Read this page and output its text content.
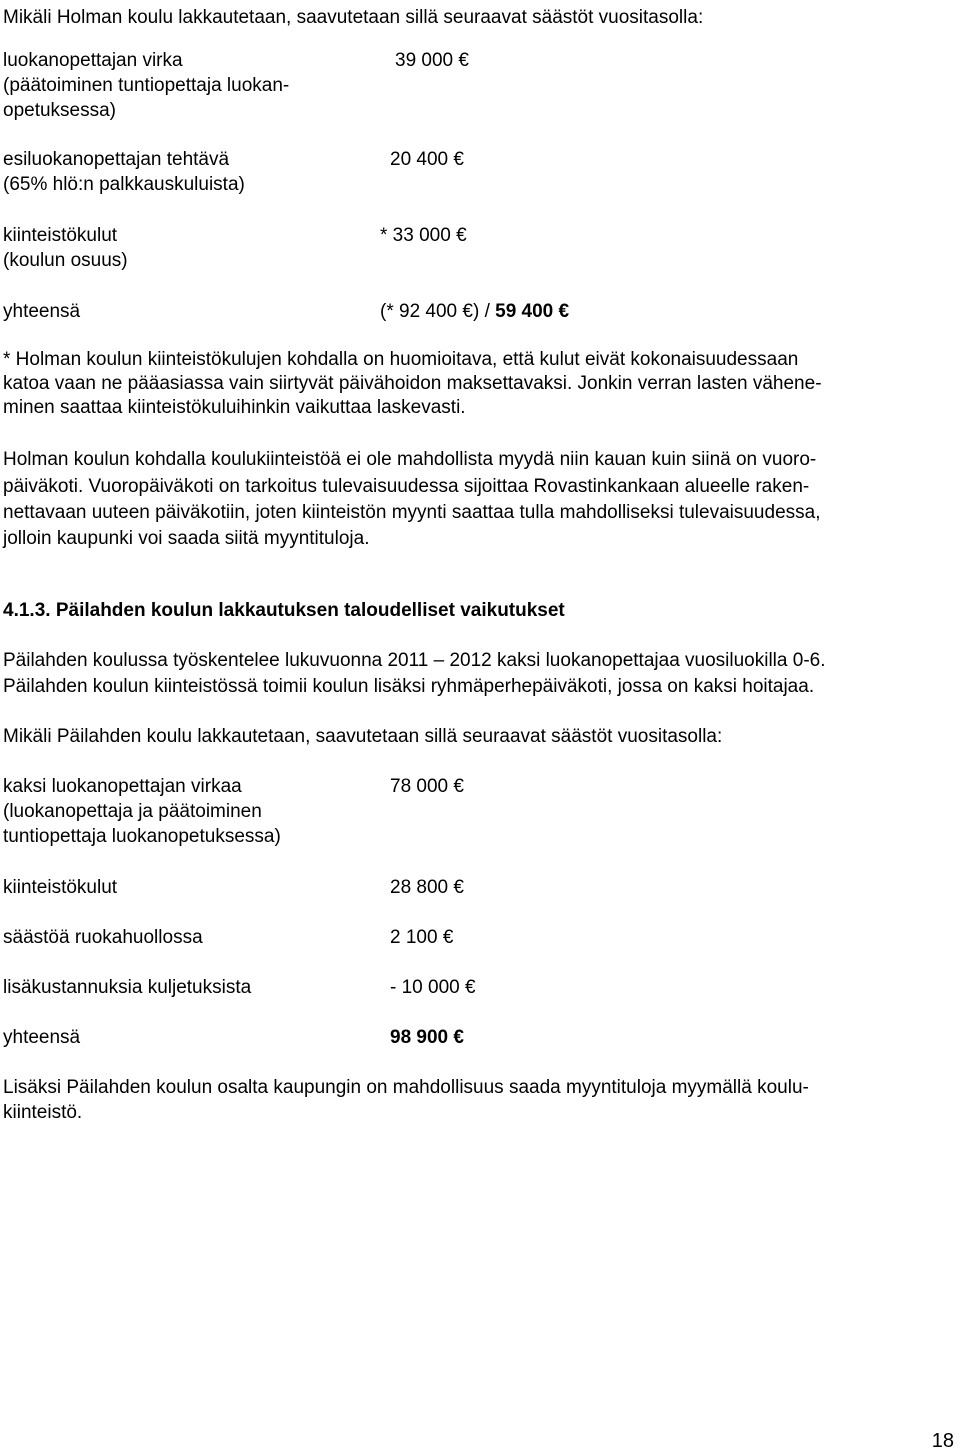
Mikäli Holman koulu lakkautetaan, saavutetaan sillä seuraavat säästöt vuositasolla:
luokanopettajan virka
(päätoiminen tuntiopettaja luokan-
opetuksessa)
39 000 €
esiluokanopettajan tehtävä
(65% hlö:n palkkauskuluista)
20 400 €
kiinteistökulut
(koulun osuus)
* 33 000 €
yhteensä	(* 92 400 €) / 59 400 €
* Holman koulun kiinteistökulujen kohdalla on huomioitava, että kulut eivät kokonaisuudessaan
katoa vaan ne pääasiassa vain siirtyvät päivähoidon maksettavaksi. Jonkin verran lasten vähene-
minen saattaa kiinteistökuluihinkin vaikuttaa laskevasti.
Holman koulun kohdalla koulukiinteistöä ei ole mahdollista myydä niin kauan kuin siinä on vuoro-
päiväkoti. Vuoropäiväkoti on tarkoitus tulevaisuudessa sijoittaa Rovastinkankaan alueelle raken-
nettavaan uuteen päiväkotiin, joten kiinteistön myynti saattaa tulla mahdolliseksi tulevaisuudessa,
jolloin kaupunki voi saada siitä myyntituloja.
4.1.3. Päilahden koulun lakkautuksen taloudelliset vaikutukset
Päilahden koulussa työskentelee lukuvuonna 2011 – 2012 kaksi luokanopettajaa vuosiluokilla 0-6.
Päilahden koulun kiinteistössä toimii koulun lisäksi ryhmäperhepäiväkoti, jossa on kaksi hoitajaa.
Mikäli Päilahden koulu lakkautetaan, saavutetaan sillä seuraavat säästöt vuositasolla:
kaksi luokanopettajan virkaa
(luokanopettaja ja päätoiminen
tuntiopettaja luokanopetuksessa)
78 000 €
kiinteistökulut	28 800 €
säästöä ruokahuollossa	2 100 €
lisäkustannuksia kuljetuksista	- 10 000 €
yhteensä	98 900 €
Lisäksi Päilahden koulun osalta kaupungin on mahdollisuus saada myyntituloja myymällä koulu-
kiinteistö.
18
